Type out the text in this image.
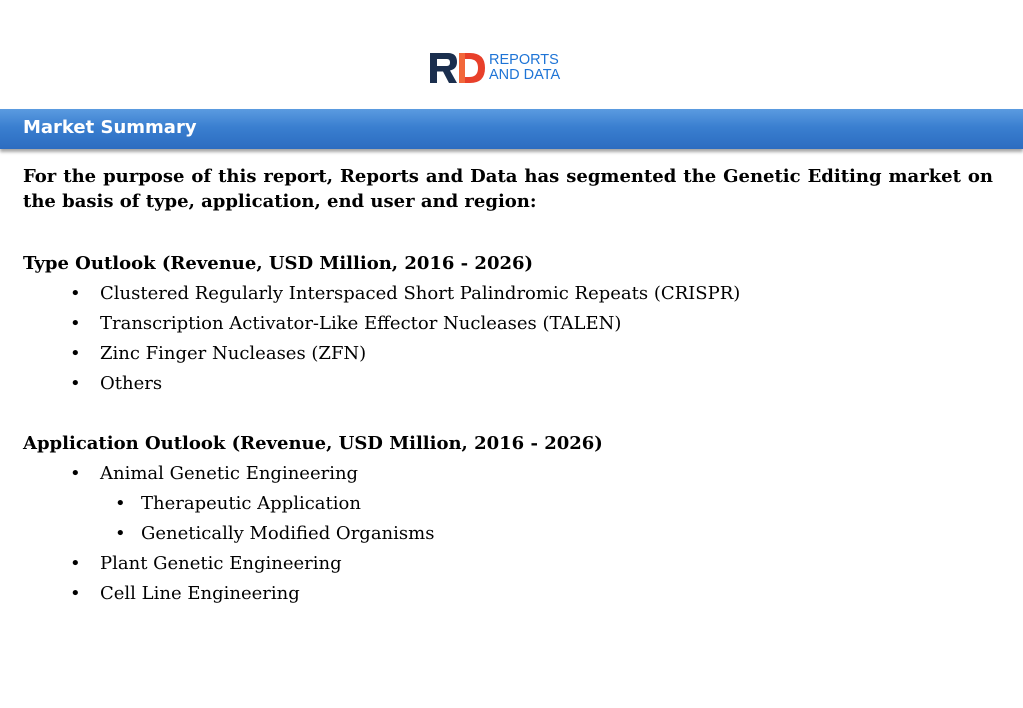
REPORTS
AND DATA
Market Summary

For the purpose of this report, Reports and Data has segmented the Genetic Editing market on the basis of type, application, end user and region:

Type Outlook (Revenue, USD Million, 2016 - 2026)

• Clustered Regularly Interspaced Short Palindromic Repeats (CRISPR)
• Transcription Activator-Like Effector Nucleases (TALEN)
• Zinc Finger Nucleases (ZFN)
• Others

Application Outlook (Revenue, USD Million, 2016 - 2026)

• Animal Genetic Engineering
• Therapeutic Application
• Genetically Modified Organisms
• Plant Genetic Engineering
• Cell Line Engineering
